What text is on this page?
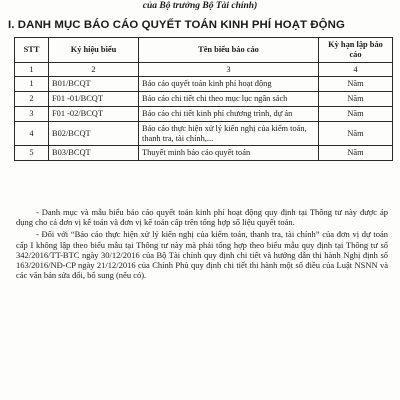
của Bộ trưởng Bộ Tài chính)
I. DANH MỤC BÁO CÁO QUYẾT TOÁN KINH PHÍ HOẠT ĐỘNG
STT	Ký hiệu biểu	Tên biểu báo cáo	Kỳ hạn lập báo cáo
1	2	3	4
1	B01/BCQT	Báo cáo quyết toán kinh phí hoạt động	Năm
2	F01 -01/BCQT	Báo cáo chi tiết chi theo mục lục ngân sách	Năm
3	F01 -02/BCQT	Báo cáo chi tiết kinh phí chương trình, dự án	Năm
4	B02/BCQT	Báo cáo thực hiện xử lý kiến nghị của kiểm toán, thanh tra, tài chính,...	Năm
5	B03/BCQT	Thuyết minh báo cáo quyết toán	Năm

- Danh mục và mẫu biểu báo cáo quyết toán kinh phí hoạt động quy định tại Thông tư này được áp dụng cho cả đơn vị kế toán và đơn vị kế toán cấp trên tổng hợp số liệu quyết toán.

- Đối với “Báo cáo thực hiện xử lý kiến nghị của kiểm toán, thanh tra, tài chính” của đơn vị dự toán cấp I không lập theo biểu mẫu tại Thông tư này mà phải tổng hợp theo biểu mẫu quy định tại Thông tư số 342/2016/TT-BTC ngày 30/12/2016 của Bộ Tài chính quy định chi tiết và hướng dẫn thi hành Nghị định số 163/2016/NĐ-CP ngày 21/12/2016 của Chính Phủ quy định chi tiết thi hành một số điều của Luật NSNN và các văn bản sửa đổi, bổ sung (nếu có).
